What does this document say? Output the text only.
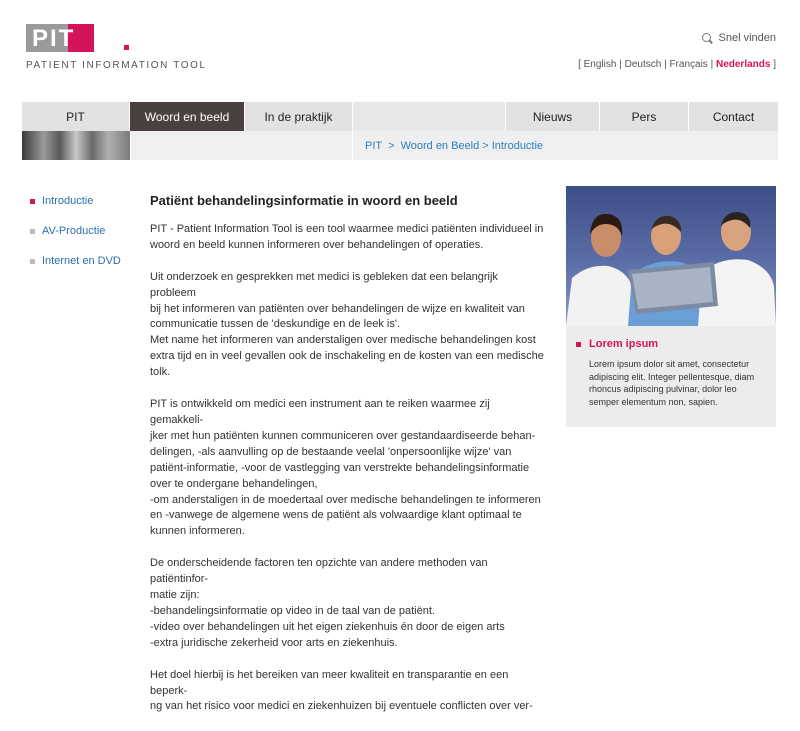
PIT
PATIENT INFORMATION TOOL
Snel vinden
[ English | Deutsch | Français | Nederlands ]
PIT	Woord en beeld	In de praktijk	Nieuws	Pers	Contact
PIT > Woord en Beeld > Introductie
Introductie
AV-Productie
Internet en DVD
Patiënt behandelingsinformatie in woord en beeld

PIT - Patient Information Tool is een tool waarmee medici patiënten individueel in
woord en beeld kunnen informeren over behandelingen of operaties.

Uit onderzoek en gesprekken met medici is gebleken dat een belangrijk probleem
bij het informeren van patiënten over behandelingen de wijze en kwaliteit van
communicatie tussen de 'deskundige en de leek is'.
Met name het informeren van anderstaligen over medische behandelingen kost
extra tijd en in veel gevallen ook de inschakeling en de kosten van een medische
tolk.

PIT is ontwikkeld om medici een instrument aan te reiken waarmee zij gemakkeli-
jker met hun patiënten kunnen communiceren over gestandaardiseerde behan-
delingen, -als aanvulling op de bestaande veelal 'onpersoonlijke wijze' van
patiënt-informatie, -voor de vastlegging van verstrekte behandelingsinformatie
over te ondergane behandelingen,
-om anderstaligen in de moedertaal over medische behandelingen te informeren
en -vanwege de algemene wens de patiënt als volwaardige klant optimaal te
kunnen informeren.

De onderscheidende factoren ten opzichte van andere methoden van patiëntinfor-
matie zijn:
-behandelingsinformatie op video in de taal van de patiënt.
-video over behandelingen uit het eigen ziekenhuis én door de eigen arts
-extra juridische zekerheid voor arts en ziekenhuis.

Het doel hierbij is het bereiken van meer kwaliteit en transparantie en een beperk-
ng van het risico voor medici en ziekenhuizen bij eventuele conflicten over ver-

Lorem ipsum
Lorem ipsum dolor sit amet, consectetur adipiscing elit. Integer pellentesque, diam rhoncus adipiscing pulvinar, dolor leo semper elementum non, sapien.
